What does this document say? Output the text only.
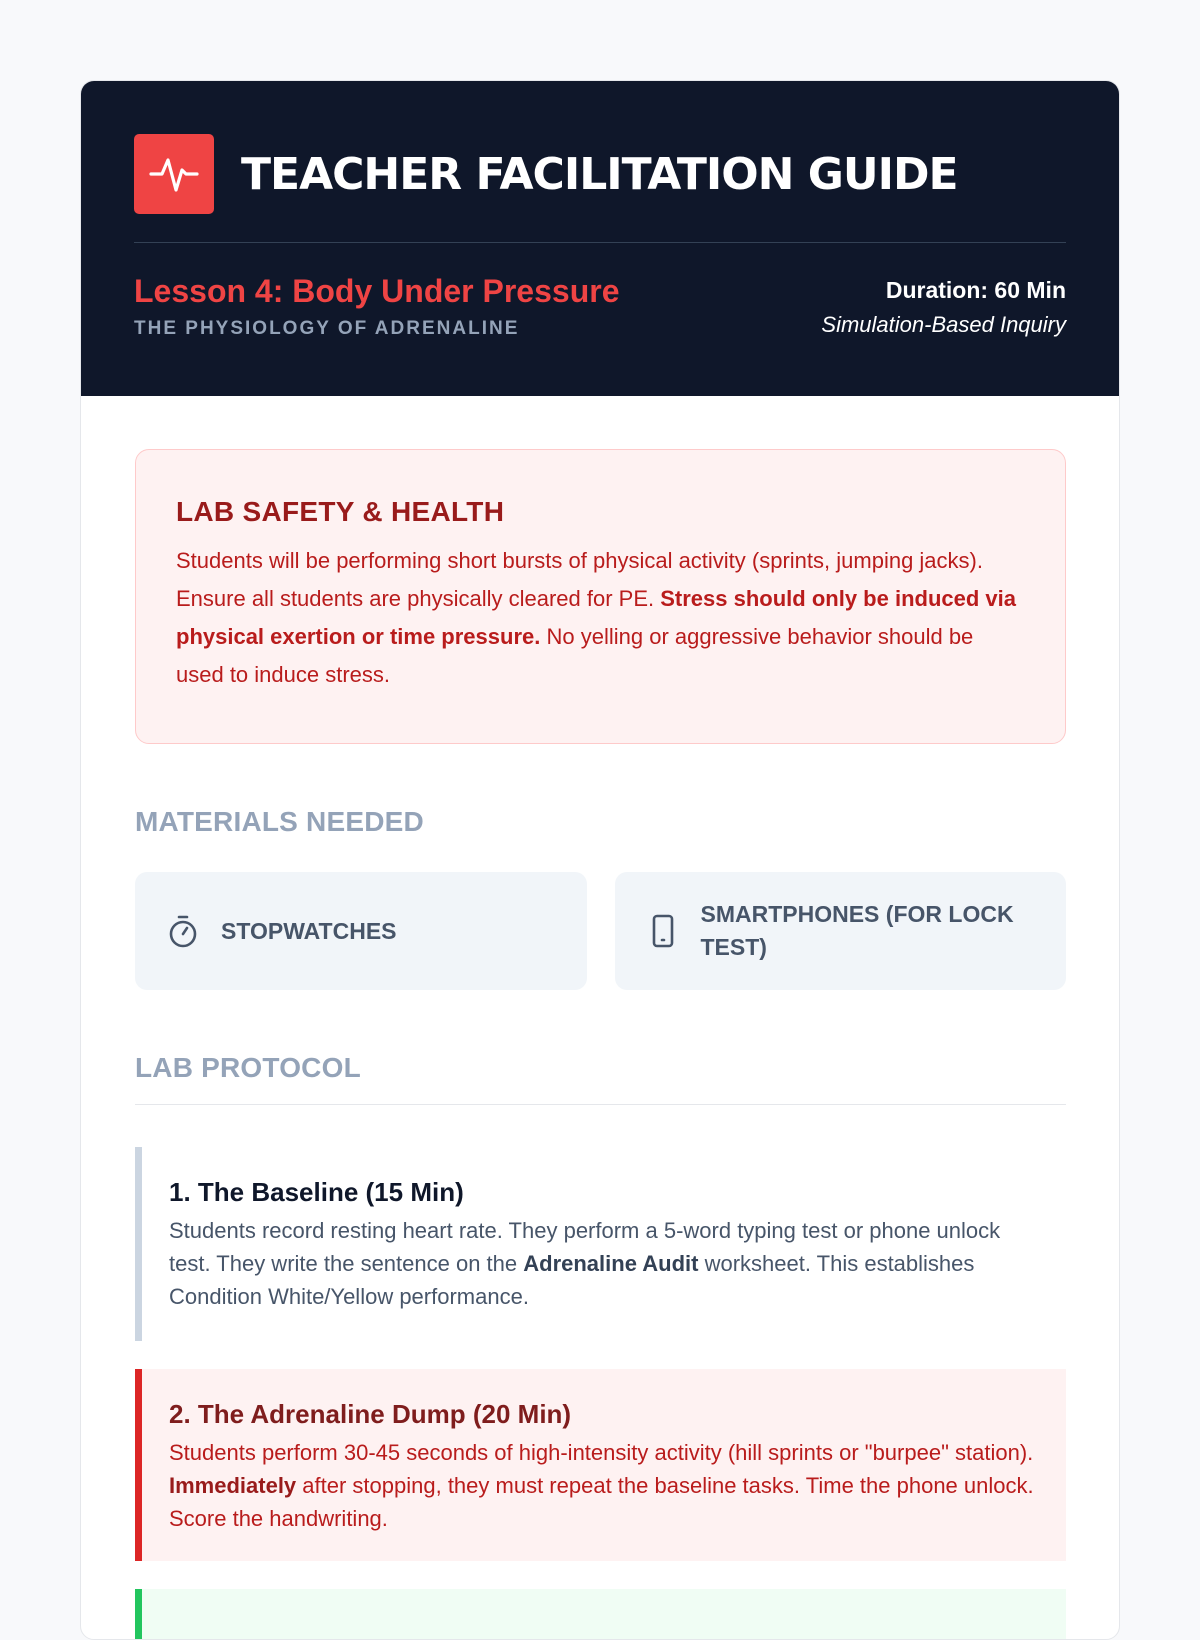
TEACHER FACILITATION GUIDE
Lesson 4: Body Under Pressure
THE PHYSIOLOGY OF ADRENALINE
Duration: 60 Min
Simulation-Based Inquiry
LAB SAFETY & HEALTH

Students will be performing short bursts of physical activity (sprints, jumping jacks). Ensure all students are physically cleared for PE. Stress should only be induced via physical exertion or time pressure. No yelling or aggressive behavior should be used to induce stress.

MATERIALS NEEDED
STOPWATCHES
SMARTPHONES (FOR LOCK TEST)
LAB PROTOCOL
1. The Baseline (15 Min)

Students record resting heart rate. They perform a 5-word typing test or phone unlock test. They write the sentence on the Adrenaline Audit worksheet. This establishes Condition White/Yellow performance.

2. The Adrenaline Dump (20 Min)

Students perform 30-45 seconds of high-intensity activity (hill sprints or "burpee" station). Immediately after stopping, they must repeat the baseline tasks. Time the phone unlock. Score the handwriting.
